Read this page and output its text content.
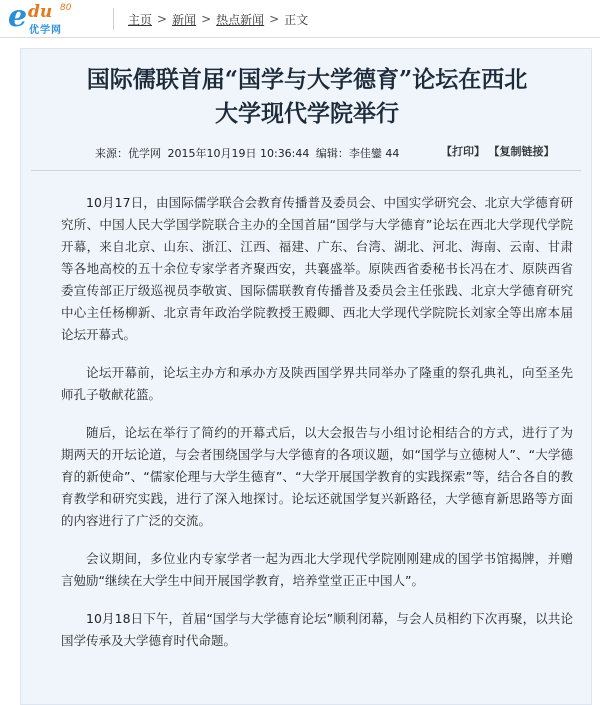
e du 80
优学网
主页 > 新闻 > 热点新闻 > 正文
国际儒联首届“国学与大学德育”论坛在西北
大学现代学院举行
来源：优学网 2015年10月19日 10:36:44 编辑：李佳鑾 44	【打印】 【复制链接】

10月17日，由国际儒学联合会教育传播普及委员会、中国实学研究会、北京大学德育研究所、中国人民大学国学院联合主办的全国首届“国学与大学德育”论坛在西北大学现代学院开幕，来自北京、山东、浙江、江西、福建、广东、台湾、湖北、河北、海南、云南、甘肃等各地高校的五十余位专家学者齐聚西安，共襄盛举。原陕西省委秘书长冯在才、原陕西省委宣传部正厅级巡视员李敬寅、国际儒联教育传播普及委员会主任张践、北京大学德育研究中心主任杨柳新、北京青年政治学院教授王殿卿、西北大学现代学院院长刘家全等出席本届论坛开幕式。

论坛开幕前，论坛主办方和承办方及陕西国学界共同举办了隆重的祭孔典礼，向至圣先师孔子敬献花篮。

随后，论坛在举行了简约的开幕式后，以大会报告与小组讨论相结合的方式，进行了为期两天的开坛论道，与会者围绕国学与大学德育的各项议题，如“国学与立德树人”、“大学德育的新使命”、“儒家伦理与大学生德育”、“大学开展国学教育的实践探索”等，结合各自的教育教学和研究实践，进行了深入地探讨。论坛还就国学复兴新路径，大学德育新思路等方面的内容进行了广泛的交流。

会议期间，多位业内专家学者一起为西北大学现代学院刚刚建成的国学书馆揭牌，并赠言勉励“继续在大学生中间开展国学教育，培养堂堂正正中国人”。

10月18日下午，首届“国学与大学德育论坛”顺利闭幕，与会人员相约下次再聚，以共论国学传承及大学德育时代命题。
